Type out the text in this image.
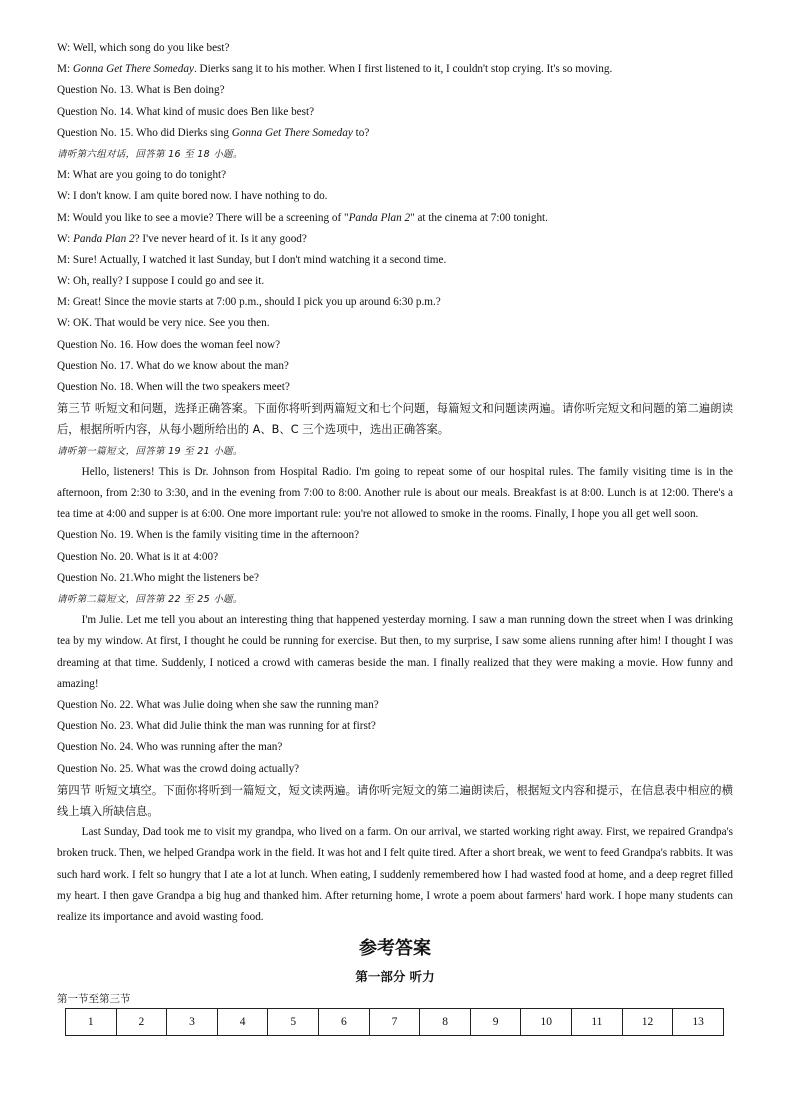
W: Well, which song do you like best?
M: Gonna Get There Someday. Dierks sang it to his mother. When I first listened to it, I couldn't stop crying. It's so moving.
Question No. 13. What is Ben doing?
Question No. 14. What kind of music does Ben like best?
Question No. 15. Who did Dierks sing Gonna Get There Someday to?
请听第六组对话，回答第 16 至 18 小题。
M: What are you going to do tonight?
W: I don't know. I am quite bored now. I have nothing to do.
M: Would you like to see a movie? There will be a screening of "Panda Plan 2" at the cinema at 7:00 tonight.
W: Panda Plan 2? I've never heard of it. Is it any good?
M: Sure! Actually, I watched it last Sunday, but I don't mind watching it a second time.
W: Oh, really? I suppose I could go and see it.
M: Great! Since the movie starts at 7:00 p.m., should I pick you up around 6:30 p.m.?
W: OK. That would be very nice. See you then.
Question No. 16. How does the woman feel now?
Question No. 17. What do we know about the man?
Question No. 18. When will the two speakers meet?
第三节 听短文和问题，选择正确答案。下面你将听到两篇短文和七个问题，每篇短文和问题读两遍。请你听完短文和问题的第二遍朗读后，根据所听内容，从每小题所给出的 A、B、C 三个选项中，选出正确答案。
请听第一篇短文，回答第 19 至 21 小题。
Hello, listeners! This is Dr. Johnson from Hospital Radio. I'm going to repeat some of our hospital rules. The family visiting time is in the afternoon, from 2:30 to 3:30, and in the evening from 7:00 to 8:00. Another rule is about our meals. Breakfast is at 8:00. Lunch is at 12:00. There's a tea time at 4:00 and supper is at 6:00. One more important rule: you're not allowed to smoke in the rooms. Finally, I hope you all get well soon.
Question No. 19. When is the family visiting time in the afternoon?
Question No. 20. What is it at 4:00?
Question No. 21.Who might the listeners be?
请听第二篇短文，回答第 22 至 25 小题。
I'm Julie. Let me tell you about an interesting thing that happened yesterday morning. I saw a man running down the street when I was drinking tea by my window. At first, I thought he could be running for exercise. But then, to my surprise, I saw some aliens running after him! I thought I was dreaming at that time. Suddenly, I noticed a crowd with cameras beside the man. I finally realized that they were making a movie. How funny and amazing!
Question No. 22. What was Julie doing when she saw the running man?
Question No. 23. What did Julie think the man was running for at first?
Question No. 24. Who was running after the man?
Question No. 25. What was the crowd doing actually?
第四节 听短文填空。下面你将听到一篇短文，短文读两遍。请你听完短文的第二遍朗读后，根据短文内容和提示，在信息表中相应的横线上填入所缺信息。
Last Sunday, Dad took me to visit my grandpa, who lived on a farm. On our arrival, we started working right away. First, we repaired Grandpa's broken truck. Then, we helped Grandpa work in the field. It was hot and I felt quite tired. After a short break, we went to feed Grandpa's rabbits. It was such hard work. I felt so hungry that I ate a lot at lunch. When eating, I suddenly remembered how I had wasted food at home, and a deep regret filled my heart. I then gave Grandpa a big hug and thanked him. After returning home, I wrote a poem about farmers' hard work. I hope many students can realize its importance and avoid wasting food.
参考答案
第一部分 听力
第一节至第三节
1	2	3	4	5	6	7	8	9	10	11	12	13
